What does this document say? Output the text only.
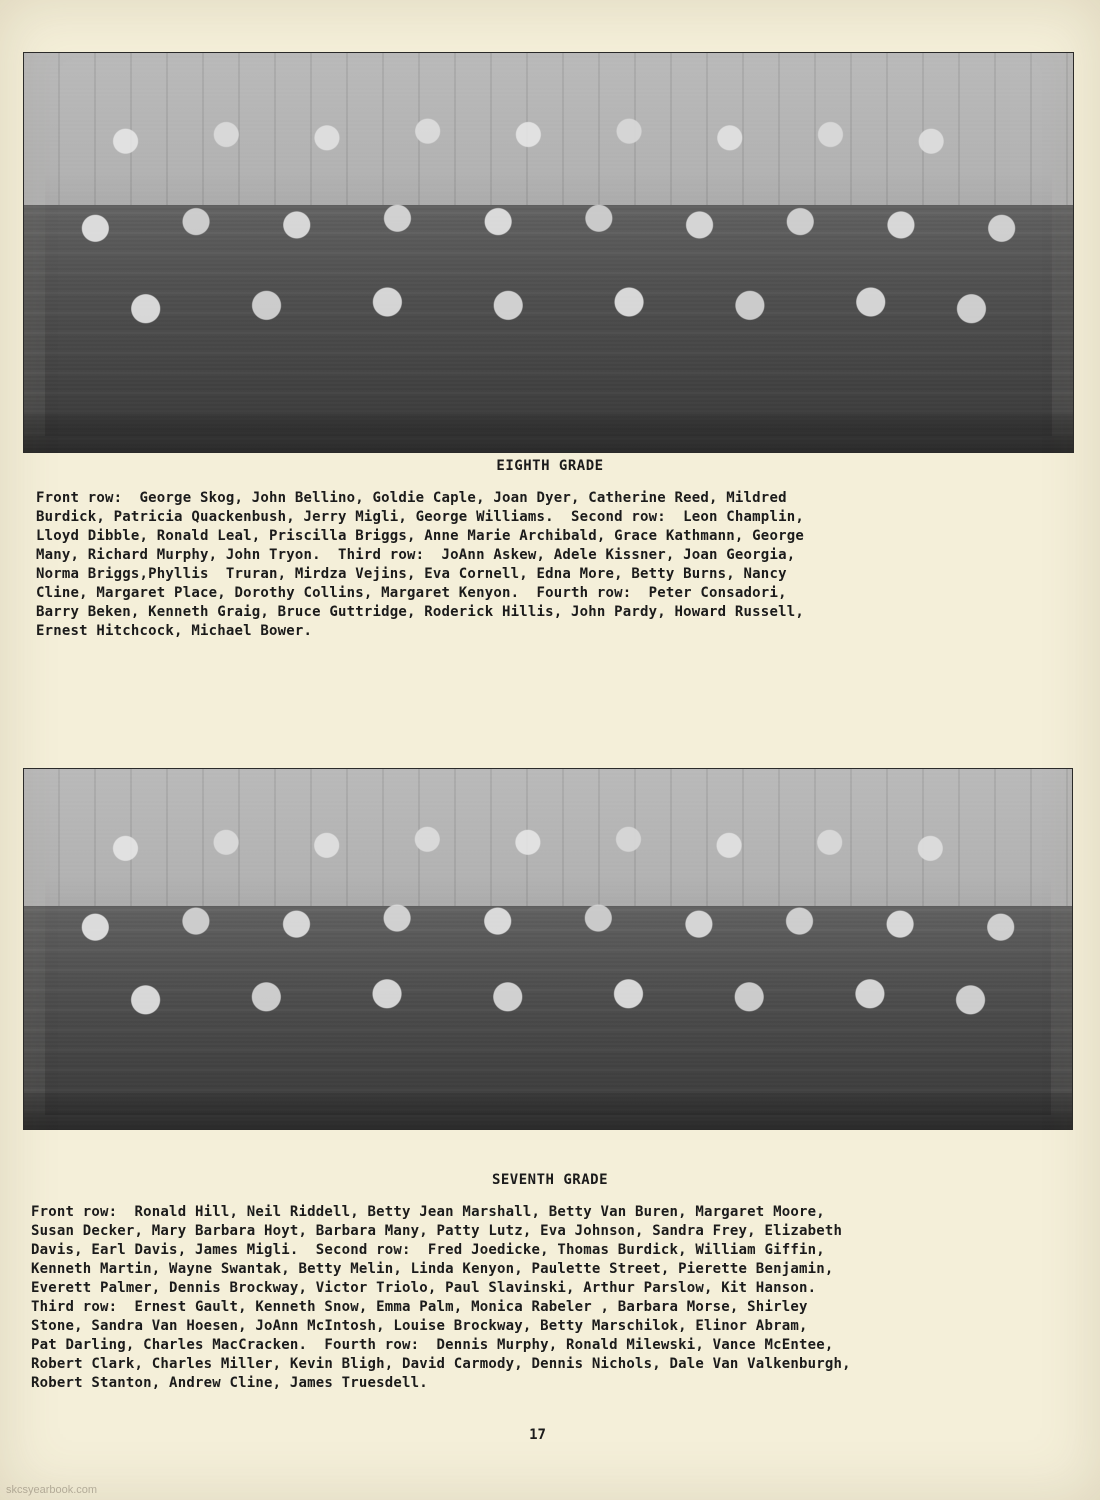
EIGHTH GRADE
Front row:  George Skog, John Bellino, Goldie Caple, Joan Dyer, Catherine Reed, Mildred
Burdick, Patricia Quackenbush, Jerry Migli, George Williams.  Second row:  Leon Champlin,
Lloyd Dibble, Ronald Leal, Priscilla Briggs, Anne Marie Archibald, Grace Kathmann, George
Many, Richard Murphy, John Tryon.  Third row:  JoAnn Askew, Adele Kissner, Joan Georgia,
Norma Briggs,Phyllis  Truran, Mirdza Vejins, Eva Cornell, Edna More, Betty Burns, Nancy
Cline, Margaret Place, Dorothy Collins, Margaret Kenyon.  Fourth row:  Peter Consadori,
Barry Beken, Kenneth Graig, Bruce Guttridge, Roderick Hillis, John Pardy, Howard Russell,
Ernest Hitchcock, Michael Bower.
SEVENTH GRADE
Front row:  Ronald Hill, Neil Riddell, Betty Jean Marshall, Betty Van Buren, Margaret Moore,
Susan Decker, Mary Barbara Hoyt, Barbara Many, Patty Lutz, Eva Johnson, Sandra Frey, Elizabeth
Davis, Earl Davis, James Migli.  Second row:  Fred Joedicke, Thomas Burdick, William Giffin,
Kenneth Martin, Wayne Swantak, Betty Melin, Linda Kenyon, Paulette Street, Pierette Benjamin,
Everett Palmer, Dennis Brockway, Victor Triolo, Paul Slavinski, Arthur Parslow, Kit Hanson.
Third row:  Ernest Gault, Kenneth Snow, Emma Palm, Monica Rabeler , Barbara Morse, Shirley
Stone, Sandra Van Hoesen, JoAnn McIntosh, Louise Brockway, Betty Marschilok, Elinor Abram,
Pat Darling, Charles MacCracken.  Fourth row:  Dennis Murphy, Ronald Milewski, Vance McEntee,
Robert Clark, Charles Miller, Kevin Bligh, David Carmody, Dennis Nichols, Dale Van Valkenburgh,
Robert Stanton, Andrew Cline, James Truesdell.
17
skcsyearbook.com
